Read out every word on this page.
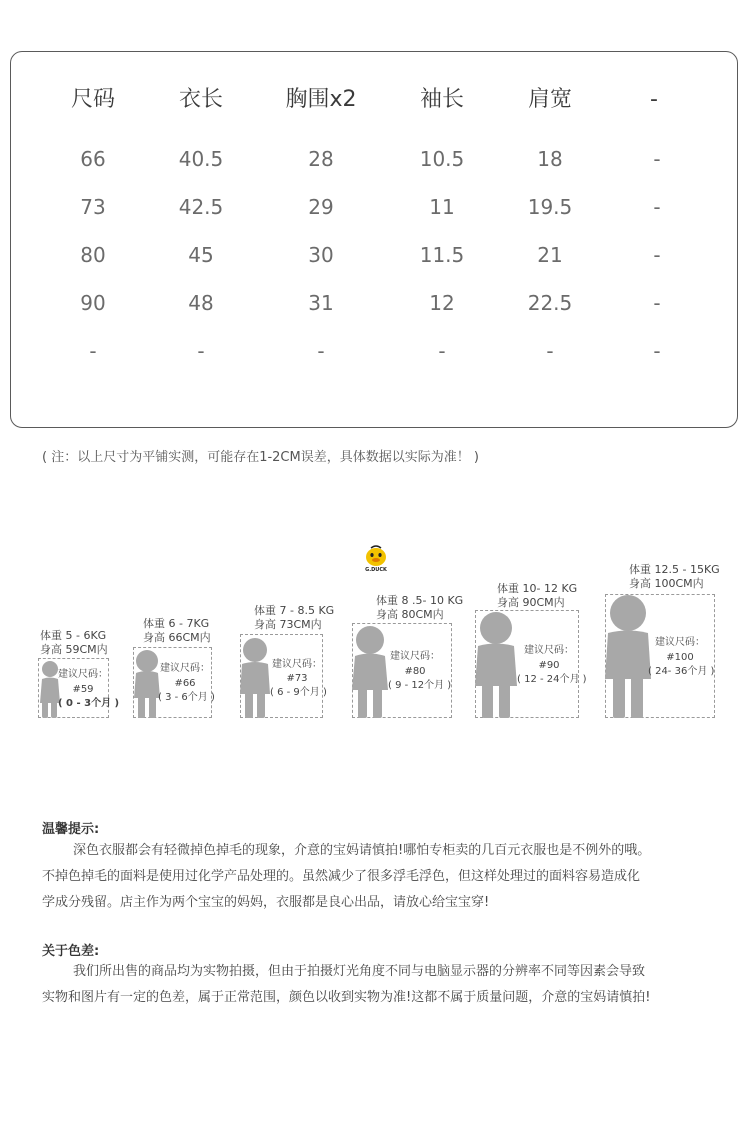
尺码	衣长	胸围x2	袖长	肩宽	-
66	40.5	28	10.5	18	-
73	42.5	29	11	19.5	-
80	45	30	11.5	21	-
90	48	31	12	22.5	-
-	-	-	-	-	-
( 注：以上尺寸为平铺实测，可能存在1-2CM误差，具体数据以实际为准！ )
G.DUCK
体重 5 - 6KG
身高 59CM内
建议尺码：
#59
( 0 - 3个月 )
体重 6 - 7KG
身高 66CM内
建议尺码：
#66
( 3 - 6个月 )
体重 7 - 8.5 KG
身高 73CM内
建议尺码：
#73
( 6 - 9个月 )
体重 8 .5- 10 KG
身高 80CM内
建议尺码：
#80
( 9 - 12个月 )
体重 10- 12 KG
身高 90CM内
建议尺码：
#90
( 12 - 24个月 )
体重 12.5 - 15KG
身高 100CM内
建议尺码：
#100
( 24- 36个月 )
温馨提示:
深色衣服都会有轻微掉色掉毛的现象，介意的宝妈请慎拍!哪怕专柜卖的几百元衣服也是不例外的哦。
不掉色掉毛的面料是使用过化学产品处理的。虽然减少了很多浮毛浮色，但这样处理过的面料容易造成化
学成分残留。店主作为两个宝宝的妈妈，衣服都是良心出品，请放心给宝宝穿!
关于色差:
我们所出售的商品均为实物拍摄，但由于拍摄灯光角度不同与电脑显示器的分辨率不同等因素会导致
实物和图片有一定的色差，属于正常范围，颜色以收到实物为准!这都不属于质量问题，介意的宝妈请慎拍!
